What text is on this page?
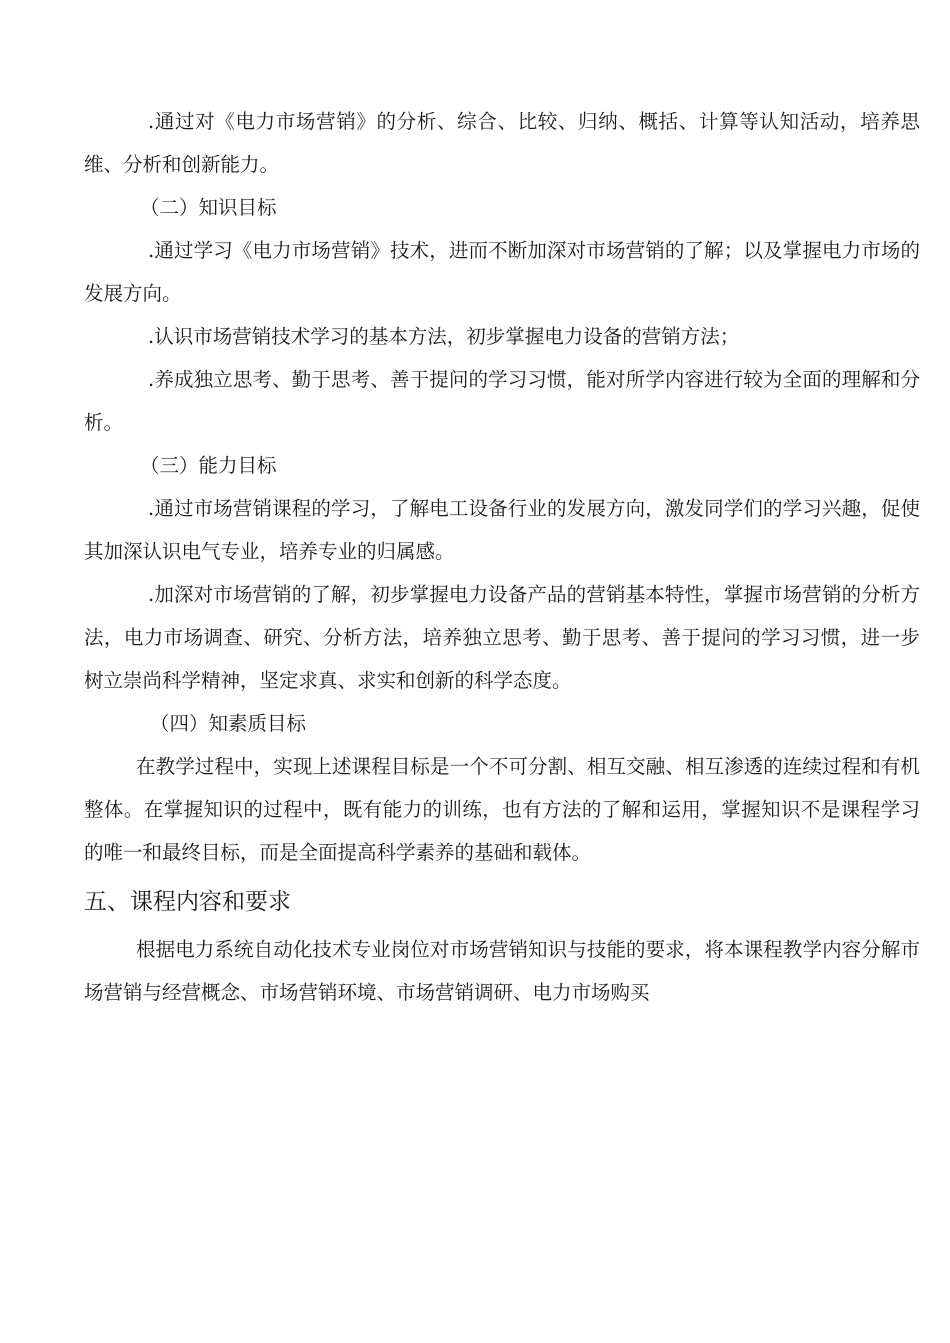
.通过对《电力市场营销》的分析、综合、比较、归纳、概括、计算等认知活动，培养思维、分析和创新能力。

（二）知识目标

.通过学习《电力市场营销》技术，进而不断加深对市场营销的了解；以及掌握电力市场的发展方向。

.认识市场营销技术学习的基本方法，初步掌握电力设备的营销方法；

.养成独立思考、勤于思考、善于提问的学习习惯，能对所学内容进行较为全面的理解和分析。

（三）能力目标

.通过市场营销课程的学习，了解电工设备行业的发展方向，激发同学们的学习兴趣，促使其加深认识电气专业，培养专业的归属感。

.加深对市场营销的了解，初步掌握电力设备产品的营销基本特性，掌握市场营销的分析方法，电力市场调查、研究、分析方法，培养独立思考、勤于思考、善于提问的学习习惯，进一步树立崇尚科学精神，坚定求真、求实和创新的科学态度。

（四）知素质目标

在教学过程中，实现上述课程目标是一个不可分割、相互交融、相互渗透的连续过程和有机整体。在掌握知识的过程中，既有能力的训练，也有方法的了解和运用，掌握知识不是课程学习的唯一和最终目标，而是全面提高科学素养的基础和载体。

五、课程内容和要求

根据电力系统自动化技术专业岗位对市场营销知识与技能的要求，将本课程教学内容分解市场营销与经营概念、市场营销环境、市场营销调研、电力市场购买
